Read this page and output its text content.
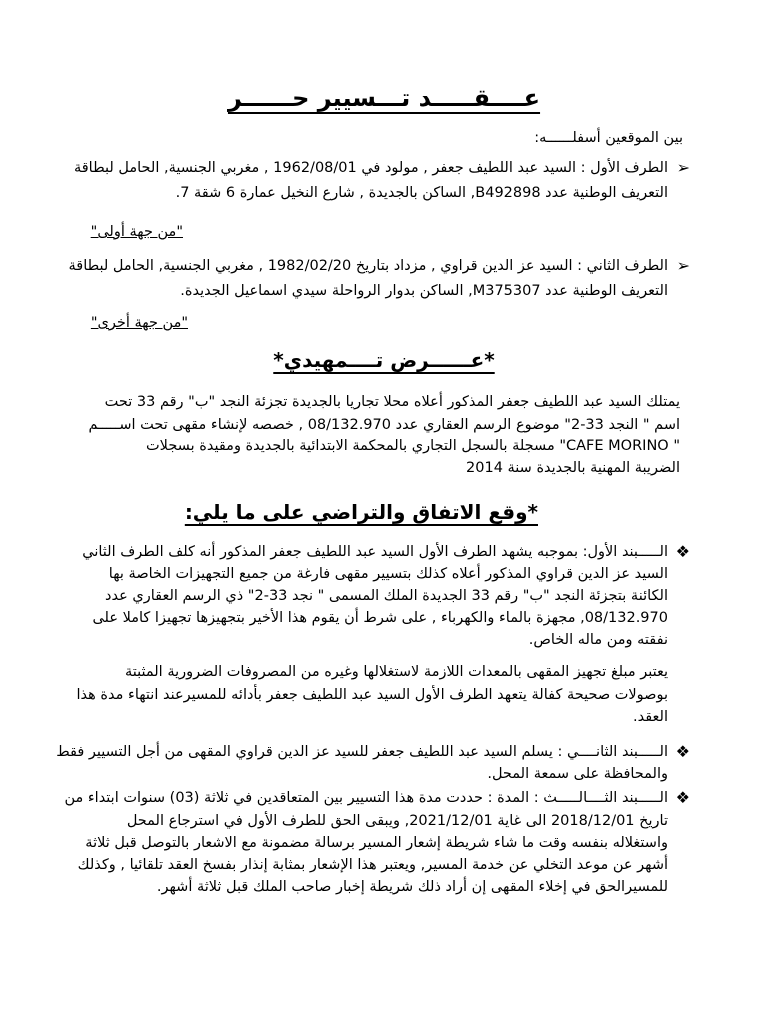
عــــقـــــد تـــسيير حــــــر
بين الموقعين أسفلــــــه:
➢
الطرف الأول : السيد عبد اللطيف جعفر , مولود في 1962/08/01 , مغربي الجنسية, الحامل لبطاقة
التعريف الوطنية عدد B492898, الساكن بالجديدة , شارع النخيل عمارة 6 شقة 7.
"من جهة أولى"
➢
الطرف الثاني : السيد عز الدين قراوي , مزداد بتاريخ 1982/02/20 , مغربي الجنسية, الحامل لبطاقة
التعريف الوطنية عدد M375307, الساكن بدوار الرواحلة سيدي اسماعيل الجديدة.
"من جهة أخرى"
*عــــــرض تــــمهيدي*
يمتلك السيد عبد اللطيف جعفر المذكور أعلاه محلا تجاريا بالجديدة تجزئة النجد "ب" رقم 33 تحت
اسم " النجد 33-2" موضوع الرسم العقاري عدد 08/132.970 , خصصه لإنشاء مقهى تحت اســـــم
" CAFE MORINO" مسجلة بالسجل التجاري بالمحكمة الابتدائية بالجديدة ومقيدة بسجلات
الضريبة المهنية بالجديدة سنة 2014
*وقع الاتفاق والتراضي على ما يلي:
❖
الـــــبند الأول: بموجبه يشهد الطرف الأول السيد عبد اللطيف جعفر المذكور أنه كلف الطرف الثاني
السيد عز الدين قراوي المذكور أعلاه كذلك بتسيير مقهى فارغة من جميع التجهيزات الخاصة بها
الكائنة بتجزئة النجد "ب" رقم 33 الجديدة الملك المسمى " نجد 33-2" ذي الرسم العقاري عدد
08/132.970, مجهزة بالماء والكهرباء , على شرط أن يقوم هذا الأخير بتجهيزها تجهيزا كاملا على
نفقته ومن ماله الخاص.
يعتبر مبلغ تجهيز المقهى بالمعدات اللازمة لاستغلالها وغيره من المصروفات الضرورية المثبتة
بوصولات صحيحة كفالة يتعهد الطرف الأول السيد عبد اللطيف جعفر بأدائه للمسيرعند انتهاء مدة هذا
العقد.
❖
الـــــبند الثانــــي : يسلم السيد عبد اللطيف جعفر للسيد عز الدين قراوي المقهى من أجل التسيير فقط
والمحافظة على سمعة المحل.
❖
الـــــبند الثــــالـــــث : المدة : حددت مدة هذا التسيير بين المتعاقدين في ثلاثة (03) سنوات ابتداء من
تاريخ 2018/12/01 الى غاية 2021/12/01, ويبقى الحق للطرف الأول في استرجاع المحل
واستغلاله بنفسه وقت ما شاء شريطة إشعار المسير برسالة مضمونة مع الاشعار بالتوصل قبل ثلاثة
أشهر عن موعد التخلي عن خدمة المسير, ويعتبر هذا الإشعار بمثابة إنذار بفسخ العقد تلقائيا , وكذلك
للمسيرالحق في إخلاء المقهى إن أراد ذلك شريطة إخبار صاحب الملك قبل ثلاثة أشهر.
